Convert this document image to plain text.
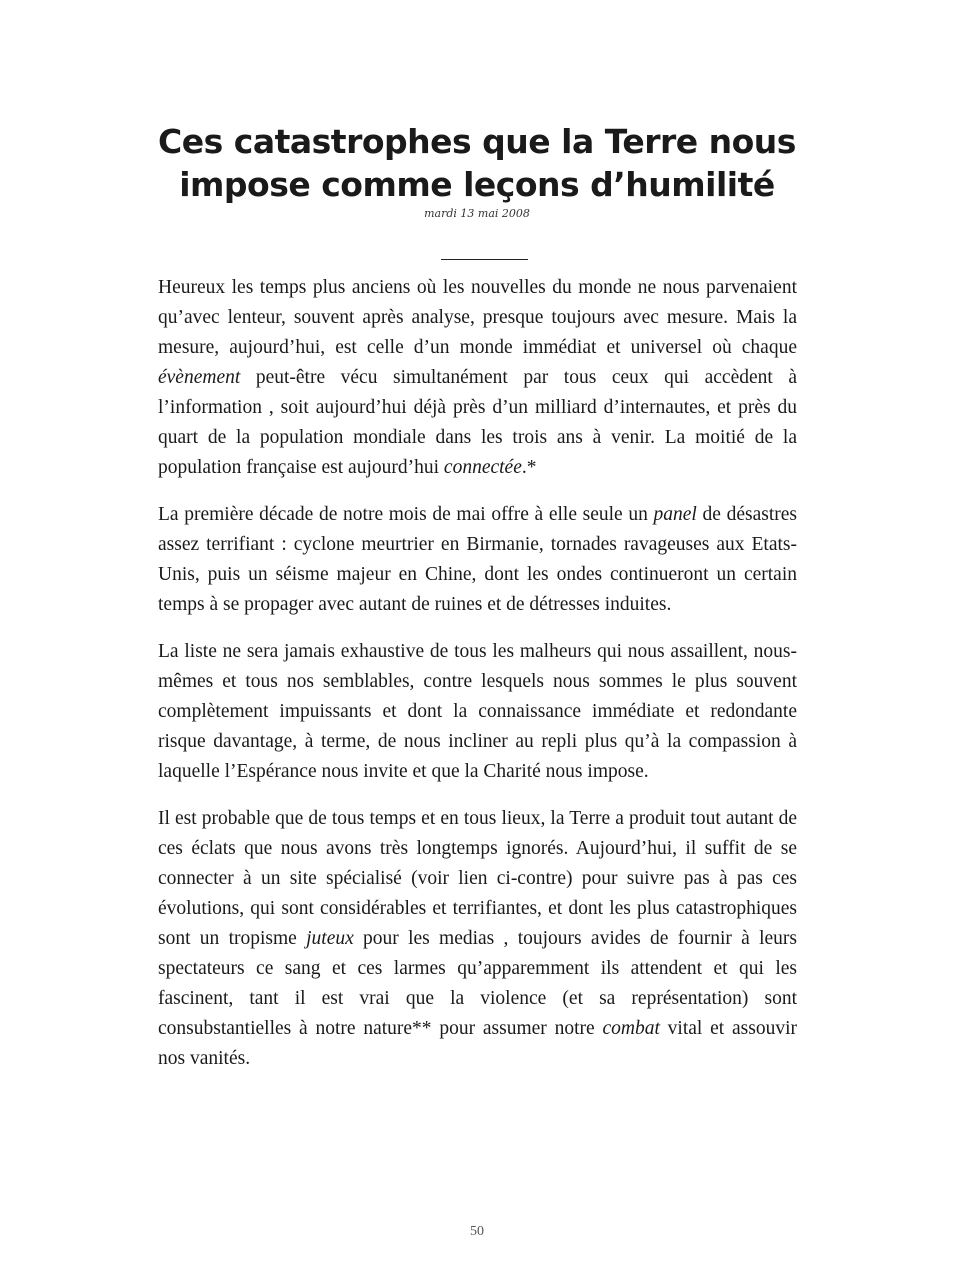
Ces catastrophes que la Terre nous
impose comme leçons d’humilité
mardi 13 mai 2008

Heureux les temps plus anciens où les nouvelles du monde ne nous parvenaient qu’avec lenteur, souvent après analyse, presque toujours avec mesure. Mais la mesure, aujourd’hui, est celle d’un monde immédiat et universel où chaque évènement peut-être vécu simultanément par tous ceux qui accèdent à l’information , soit aujourd’hui déjà près d’un milliard d’internautes, et près du quart de la population mondiale dans les trois ans à venir. La moitié de la population française est aujourd’hui connectée.*

La première décade de notre mois de mai offre à elle seule un panel de désastres assez terrifiant : cyclone meurtrier en Birmanie, tornades ravageuses aux Etats-Unis, puis un séisme majeur en Chine, dont les ondes continueront un certain temps à se propager avec autant de ruines et de détresses induites.

La liste ne sera jamais exhaustive de tous les malheurs qui nous assaillent, nous-mêmes et tous nos semblables, contre lesquels nous sommes le plus souvent complètement impuissants et dont la connaissance immédiate et redondante risque davantage, à terme, de nous incliner au repli plus qu’à la compassion à laquelle l’Espérance nous invite et que la Charité nous impose.

Il est probable que de tous temps et en tous lieux, la Terre a produit tout autant de ces éclats que nous avons très longtemps ignorés. Aujourd’hui, il suffit de se connecter à un site spécialisé (voir lien ci-contre) pour suivre pas à pas ces évolutions, qui sont considérables et terrifiantes, et dont les plus catastrophiques sont un tropisme juteux pour les medias , toujours avides de fournir à leurs spectateurs ce sang et ces larmes qu’apparemment ils attendent et qui les fascinent, tant il est vrai que la violence (et sa représentation) sont consubstantielles à notre nature** pour assumer notre combat vital et assouvir nos vanités.

50
